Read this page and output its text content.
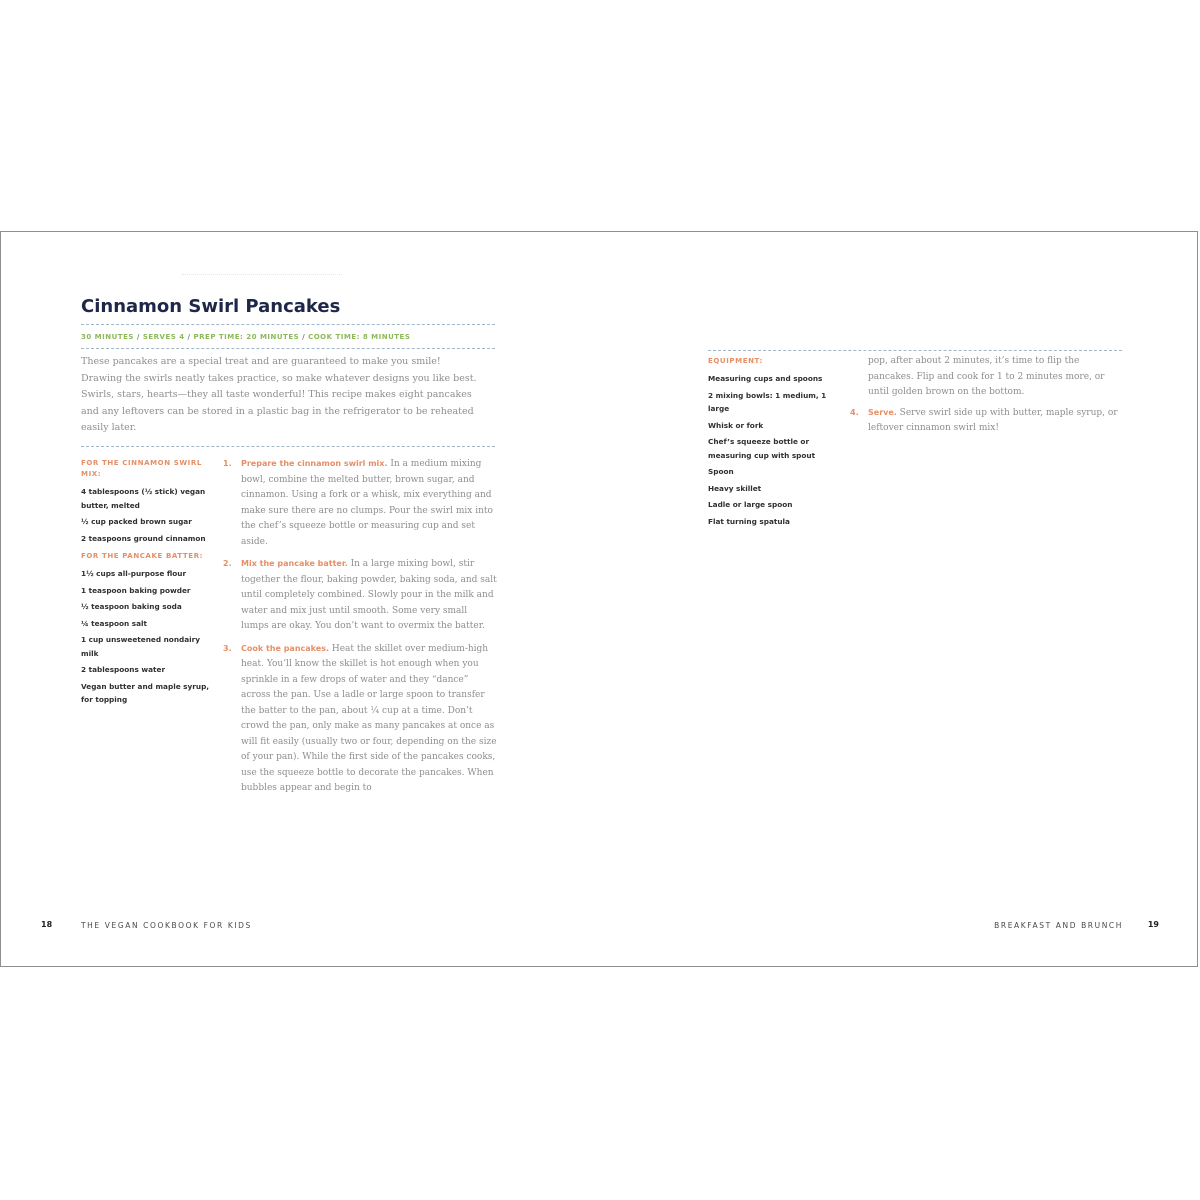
Cinnamon Swirl Pancakes
30 MINUTES / SERVES 4 / PREP TIME: 20 MINUTES / COOK TIME: 8 MINUTES

These pancakes are a special treat and are guaranteed to make you smile! Drawing the swirls neatly takes practice, so make whatever designs you like best. Swirls, stars, hearts—they all taste wonderful! This recipe makes eight pancakes and any leftovers can be stored in a plastic bag in the refrigerator to be reheated easily later.

FOR THE CINNAMON SWIRL MIX:
4 tablespoons (½ stick) vegan butter, melted
½ cup packed brown sugar
2 teaspoons ground cinnamon
FOR THE PANCAKE BATTER:
1½ cups all-purpose flour
1 teaspoon baking powder
½ teaspoon baking soda
¼ teaspoon salt
1 cup unsweetened nondairy milk
2 tablespoons water
Vegan butter and maple syrup, for topping
1. Prepare the cinnamon swirl mix. In a medium mixing bowl, combine the melted butter, brown sugar, and cinnamon. Using a fork or a whisk, mix everything and make sure there are no clumps. Pour the swirl mix into the chef’s squeeze bottle or measuring cup and set aside.
2. Mix the pancake batter. In a large mixing bowl, stir together the flour, baking powder, baking soda, and salt until completely combined. Slowly pour in the milk and water and mix just until smooth. Some very small lumps are okay. You don’t want to overmix the batter.
3. Cook the pancakes. Heat the skillet over medium-high heat. You’ll know the skillet is hot enough when you sprinkle in a few drops of water and they “dance” across the pan. Use a ladle or large spoon to transfer the batter to the pan, about ¼ cup at a time. Don’t crowd the pan, only make as many pancakes at once as will fit easily (usually two or four, depending on the size of your pan). While the first side of the pancakes cooks, use the squeeze bottle to decorate the pancakes. When bubbles appear and begin to
18	THE VEGAN COOKBOOK FOR KIDS
EQUIPMENT:
Measuring cups and spoons
2 mixing bowls: 1 medium, 1 large
Whisk or fork
Chef’s squeeze bottle or measuring cup with spout
Spoon
Heavy skillet
Ladle or large spoon
Flat turning spatula

pop, after about 2 minutes, it’s time to flip the pancakes. Flip and cook for 1 to 2 minutes more, or until golden brown on the bottom.

4. Serve. Serve swirl side up with butter, maple syrup, or leftover cinnamon swirl mix!

BREAKFAST AND BRUNCH	19
